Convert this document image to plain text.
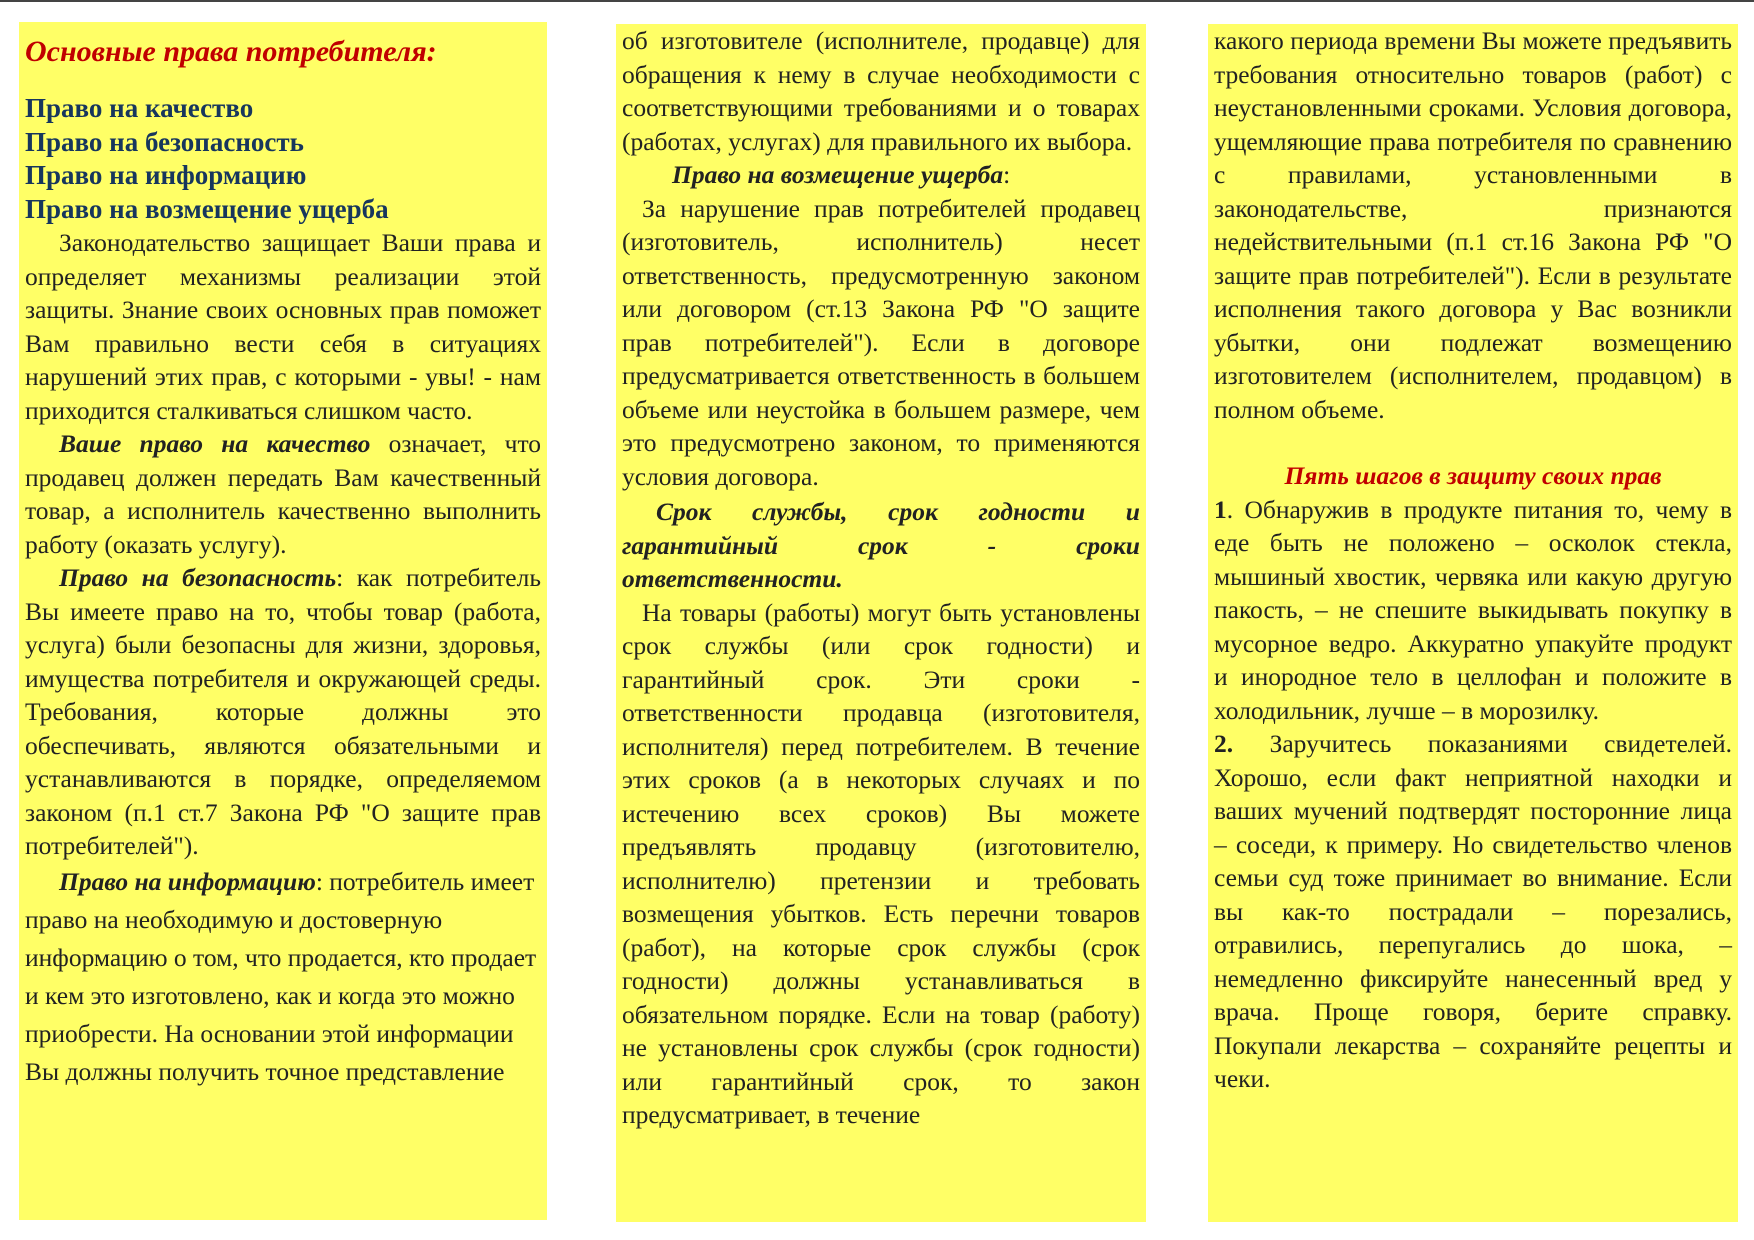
Основные права потребителя:

Право на качество

Право на безопасность

Право на информацию

Право на возмещение ущерба

Законодательство защищает Ваши права и определяет механизмы реализации этой защиты. Знание своих основных прав поможет Вам правильно вести себя в ситуациях нарушений этих прав, с которыми - увы! - нам приходится сталкиваться слишком часто.

Ваше право на качество означает, что продавец должен передать Вам качественный товар, а исполнитель качественно выполнить работу (оказать услугу).

Право на безопасность: как потребитель Вы имеете право на то, чтобы товар (работа, услуга) были безопасны для жизни, здоровья, имущества потребителя и окружающей среды. Требования, которые должны это обеспечивать, являются обязательными и устанавливаются в порядке, определяемом законом (п.1 ст.7 Закона РФ "О защите прав потребителей").

Право на информацию: потребитель имеет право на необходимую и достоверную информацию о том, что продается, кто продает и кем это изготовлено, как и когда это можно приобрести. На основании этой информации Вы должны получить точное представление

об изготовителе (исполнителе, продавце) для обращения к нему в случае необходимости с соответствующими требованиями и о товарах (работах, услугах) для правильного их выбора.

Право на возмещение ущерба:

За нарушение прав потребителей продавец (изготовитель, исполнитель) несет ответственность, предусмотренную законом или договором (ст.13 Закона РФ "О защите прав потребителей"). Если в договоре предусматривается ответственность в большем объеме или неустойка в большем размере, чем это предусмотрено законом, то применяются условия договора.

Срок службы, срок годности и гарантийный срок - сроки ответственности.

На товары (работы) могут быть установлены срок службы (или срок годности) и гарантийный срок. Эти сроки - ответственности продавца (изготовителя, исполнителя) перед потребителем. В течение этих сроков (а в некоторых случаях и по истечению всех сроков) Вы можете предъявлять продавцу (изготовителю, исполнителю) претензии и требовать возмещения убытков. Есть перечни товаров (работ), на которые срок службы (срок годности) должны устанавливаться в обязательном порядке. Если на товар (работу) не установлены срок службы (срок годности) или гарантийный срок, то закон предусматривает, в течение

какого периода времени Вы можете предъявить требования относительно товаров (работ) с неустановленными сроками. Условия договора, ущемляющие права потребителя по сравнению с правилами, установленными в законодательстве, признаются недействительными (п.1 ст.16 Закона РФ "О защите прав потребителей"). Если в результате исполнения такого договора у Вас возникли убытки, они подлежат возмещению изготовителем (исполнителем, продавцом) в полном объеме.

Пять шагов в защиту своих прав

1. Обнаружив в продукте питания то, чему в еде быть не положено – осколок стекла, мышиный хвостик, червяка или какую другую пакость, – не спешите выкидывать покупку в мусорное ведро. Аккуратно упакуйте продукт и инородное тело в целлофан и положите в холодильник, лучше – в морозилку.

2. Заручитесь показаниями свидетелей. Хорошо, если факт неприятной находки и ваших мучений подтвердят посторонние лица – соседи, к примеру. Но свидетельство членов семьи суд тоже принимает во внимание. Если вы как-то пострадали – порезались, отравились, перепугались до шока, – немедленно фиксируйте нанесенный вред у врача. Проще говоря, берите справку. Покупали лекарства – сохраняйте рецепты и чеки.
